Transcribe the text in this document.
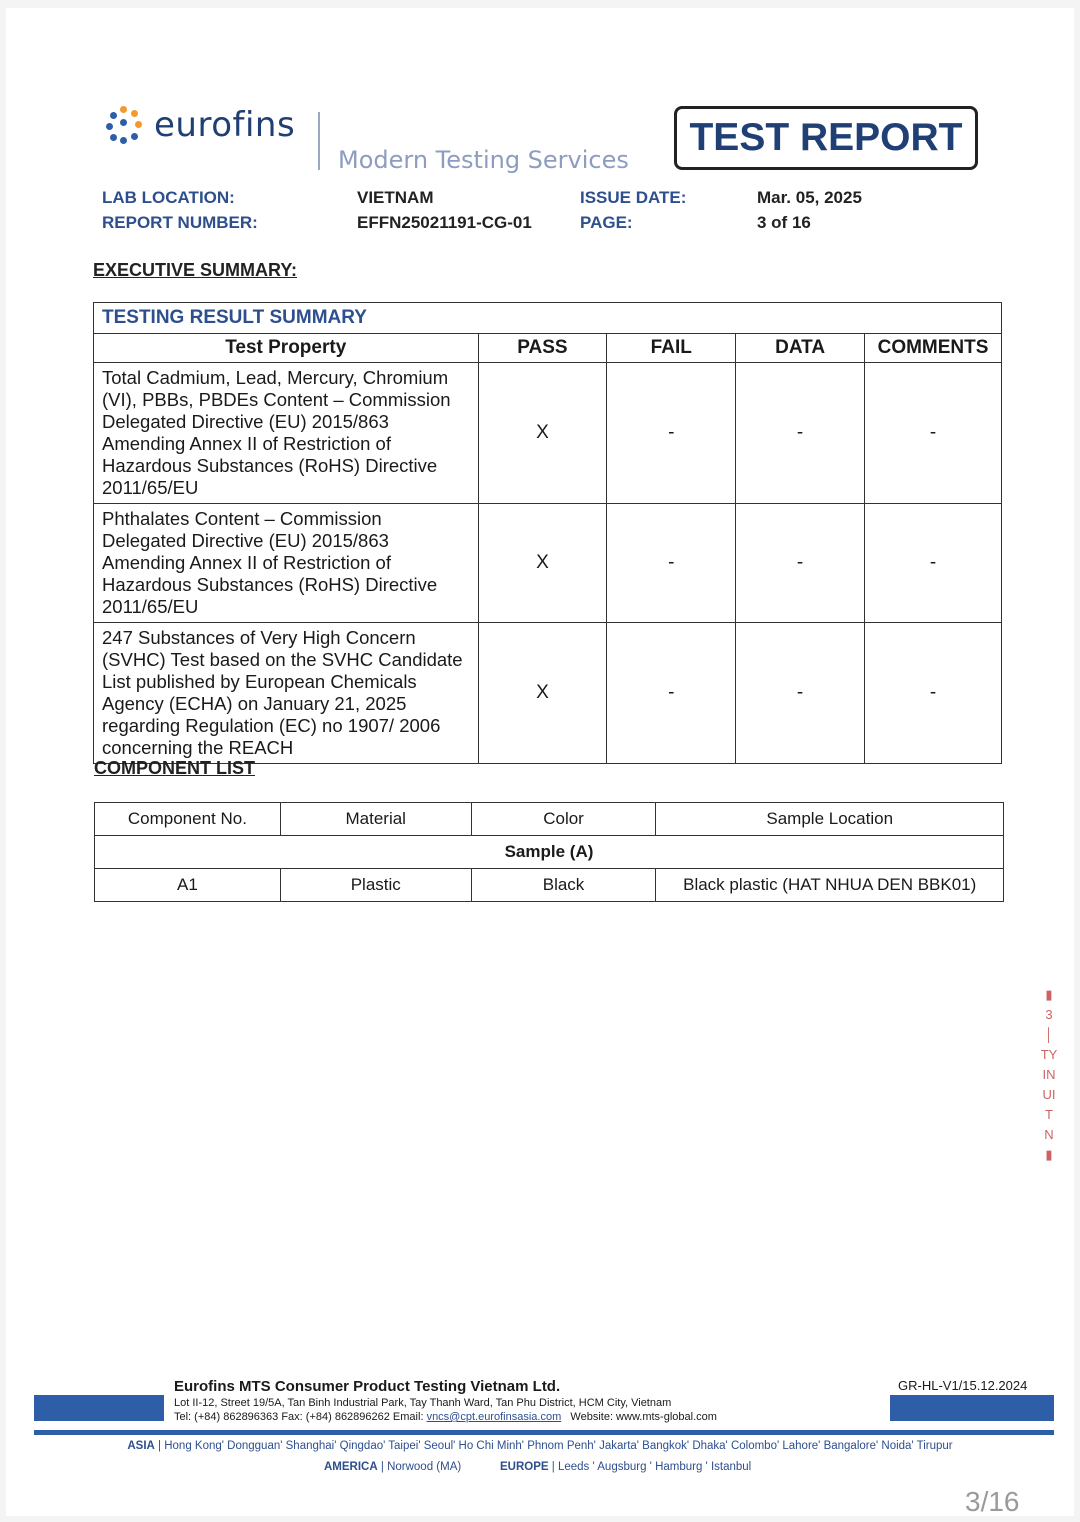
eurofins
Modern Testing Services
TEST REPORT
LAB LOCATION:	VIETNAM
REPORT NUMBER:	EFFN25021191-CG-01
ISSUE DATE:	Mar. 05, 2025
PAGE:	3 of 16
EXECUTIVE SUMMARY:
TESTING RESULT SUMMARY				
Test Property	PASS	FAIL	DATA	COMMENTS
Total Cadmium, Lead, Mercury, Chromium (VI), PBBs, PBDEs Content – Commission Delegated Directive (EU) 2015/863 Amending Annex II of Restriction of Hazardous Substances (RoHS) Directive 2011/65/EU	X	-	-	-
Phthalates Content – Commission Delegated Directive (EU) 2015/863 Amending Annex II of Restriction of Hazardous Substances (RoHS) Directive 2011/65/EU	X	-	-	-
247 Substances of Very High Concern (SVHC) Test based on the SVHC Candidate List published by European Chemicals Agency (ECHA) on January 21, 2025 regarding Regulation (EC) no 1907/ 2006 concerning the REACH	X	-	-	-
COMPONENT LIST
Component No.	Material	Color	Sample Location
Sample (A)			
A1	Plastic	Black	Black plastic (HAT NHUA DEN BBK01)
▮
3
│
TY
IN
UI
T
N
▮
Eurofins MTS Consumer Product Testing Vietnam Ltd.
Lot II-12, Street 19/5A, Tan Binh Industrial Park, Tay Thanh Ward, Tan Phu District, HCM City, Vietnam
Tel: (+84) 862896363 Fax: (+84) 862896262 Email: vncs@cpt.eurofinsasia.com Website: www.mts-global.com
GR-HL-V1/15.12.2024
ASIA | Hong Kong' Dongguan' Shanghai' Qingdao' Taipei' Seoul' Ho Chi Minh' Phnom Penh' Jakarta' Bangkok' Dhaka' Colombo' Lahore' Bangalore' Noida' Tirupur
AMERICA | Norwood (MA)	EUROPE | Leeds ' Augsburg ' Hamburg ' Istanbul
3/16
